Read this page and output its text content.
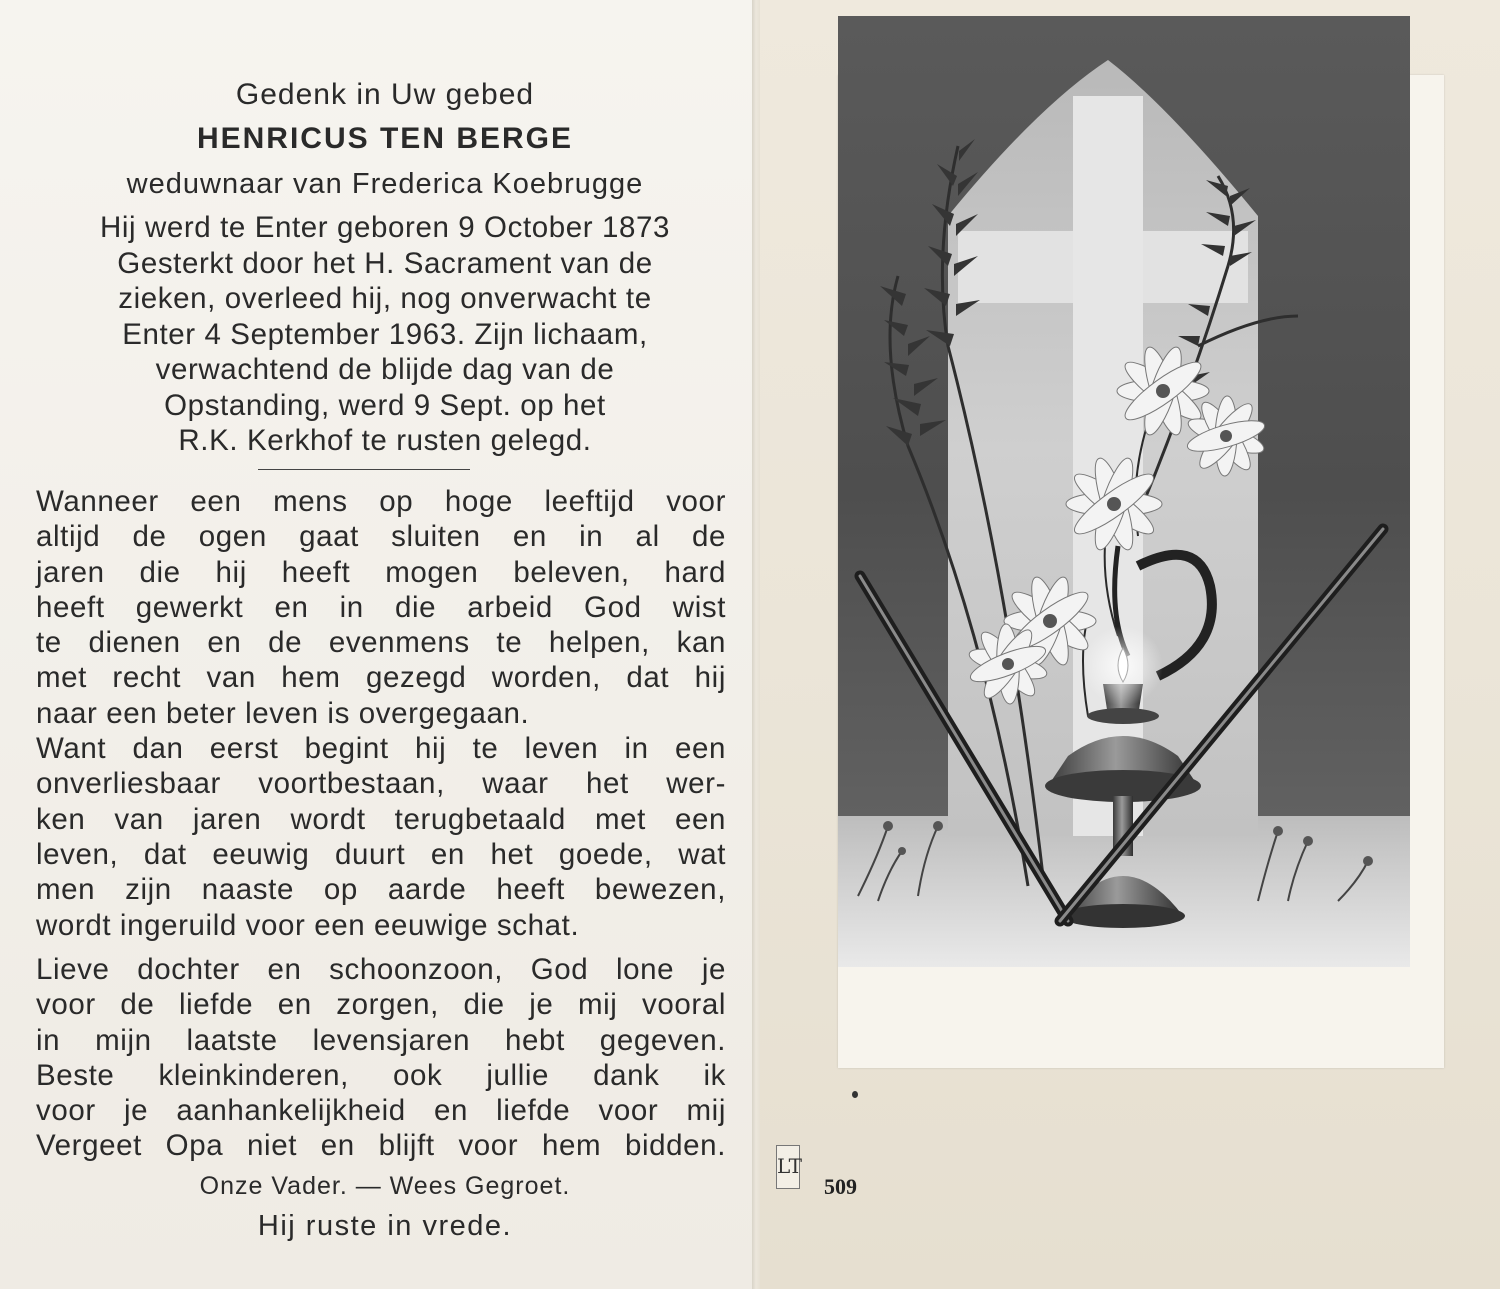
Gedenk in Uw gebed
HENRICUS TEN BERGE
weduwnaar van Frederica Koebrugge
Hij werd te Enter geboren 9 October 1873
Gesterkt door het H. Sacrament van de
zieken, overleed hij, nog onverwacht te
Enter 4 September 1963. Zijn lichaam,
verwachtend de blijde dag van de
Opstanding, werd 9 Sept. op het
R.K. Kerkhof te rusten gelegd.
Wanneer een mens op hoge leeftijd voor
altijd de ogen gaat sluiten en in al de
jaren die hij heeft mogen beleven, hard
heeft gewerkt en in die arbeid God wist
te dienen en de evenmens te helpen, kan
met recht van hem gezegd worden, dat hij
naar een beter leven is overgegaan.
Want dan eerst begint hij te leven in een
onverliesbaar voortbestaan, waar het wer-
ken van jaren wordt terugbetaald met een
leven, dat eeuwig duurt en het goede, wat
men zijn naaste op aarde heeft bewezen,
wordt ingeruild voor een eeuwige schat.
Lieve dochter en schoonzoon, God lone je
voor de liefde en zorgen, die je mij vooral
in mijn laatste levensjaren hebt gegeven.
Beste kleinkinderen, ook jullie dank ik
voor je aanhankelijkheid en liefde voor mij
Vergeet Opa niet en blijft voor hem bidden.
Onze Vader. — Wees Gegroet.
Hij ruste in vrede.
LT
509
